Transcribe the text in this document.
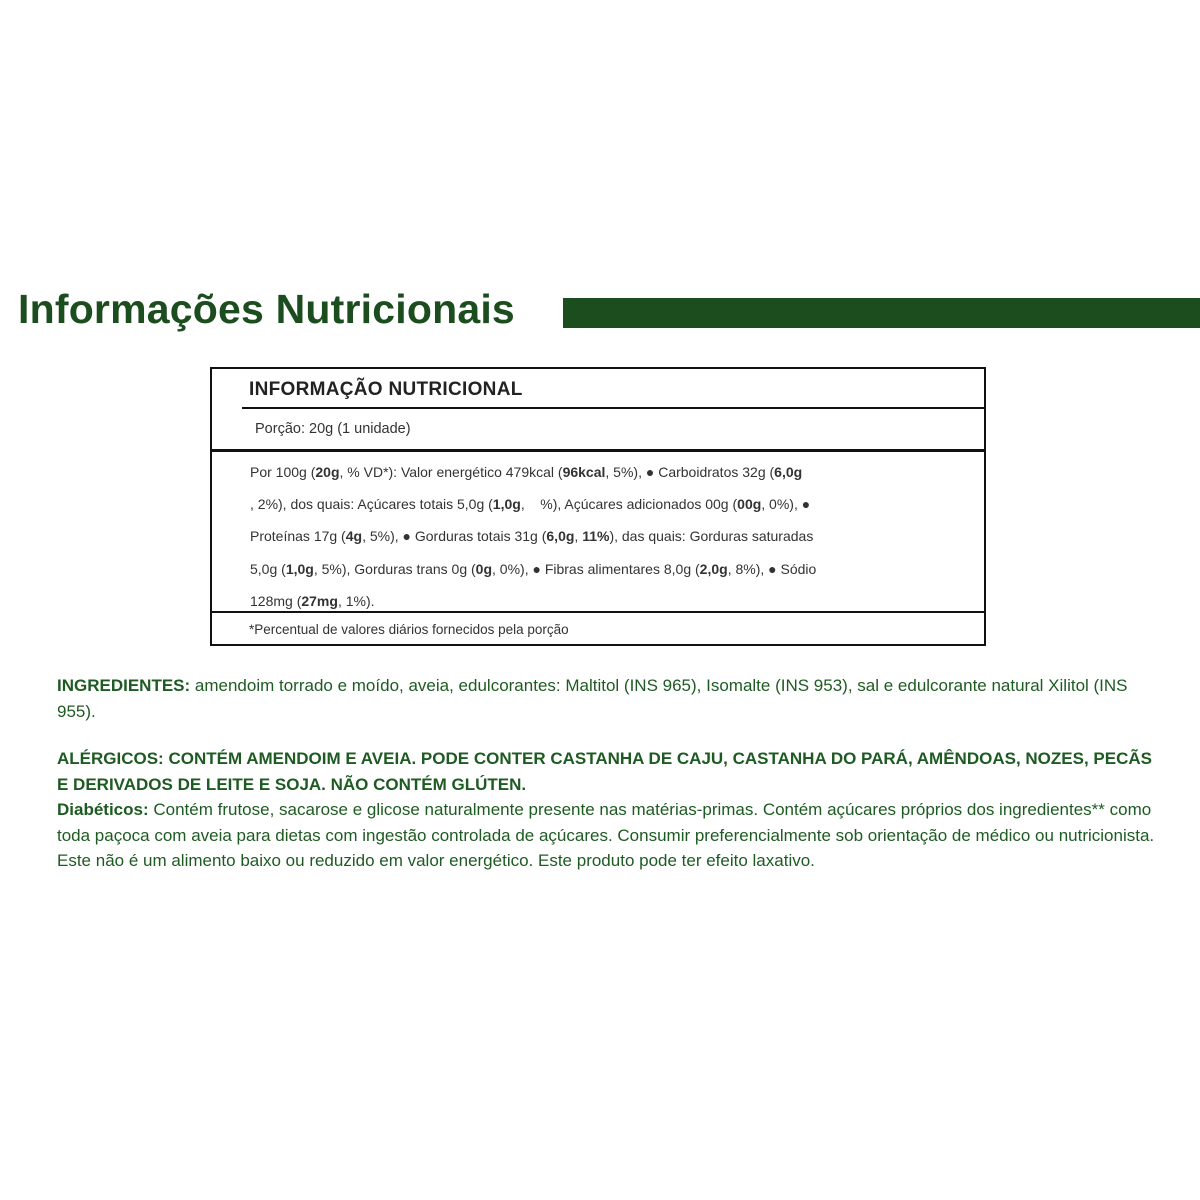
Informações Nutricionais
INFORMAÇÃO NUTRICIONAL
Porção: 20g (1 unidade)
Por 100g (20g, % VD*): Valor energético 479kcal (96kcal, 5%), ● Carboidratos 32g (6,0g
, 2%), dos quais: Açúcares totais 5,0g (1,0g,    %), Açúcares adicionados 00g (00g, 0%), ●
Proteínas 17g (4g, 5%), ● Gorduras totais 31g (6,0g, 11%), das quais: Gorduras saturadas
5,0g (1,0g, 5%), Gorduras trans 0g (0g, 0%), ● Fibras alimentares 8,0g (2,0g, 8%), ● Sódio
128mg (27mg, 1%).
*Percentual de valores diários fornecidos pela porção

INGREDIENTES: amendoim torrado e moído, aveia, edulcorantes: Maltitol (INS 965), Isomalte (INS 953), sal e edulcorante natural Xilitol (INS 955).

ALÉRGICOS: CONTÉM AMENDOIM E AVEIA. PODE CONTER CASTANHA DE CAJU, CASTANHA DO PARÁ, AMÊNDOAS, NOZES, PECÃS E DERIVADOS DE LEITE E SOJA. NÃO CONTÉM GLÚTEN.

Diabéticos: Contém frutose, sacarose e glicose naturalmente presente nas matérias-primas. Contém açúcares próprios dos ingredientes** como toda paçoca com aveia para dietas com ingestão controlada de açúcares. Consumir preferencialmente sob orientação de médico ou nutricionista. Este não é um alimento baixo ou reduzido em valor energético. Este produto pode ter efeito laxativo.
